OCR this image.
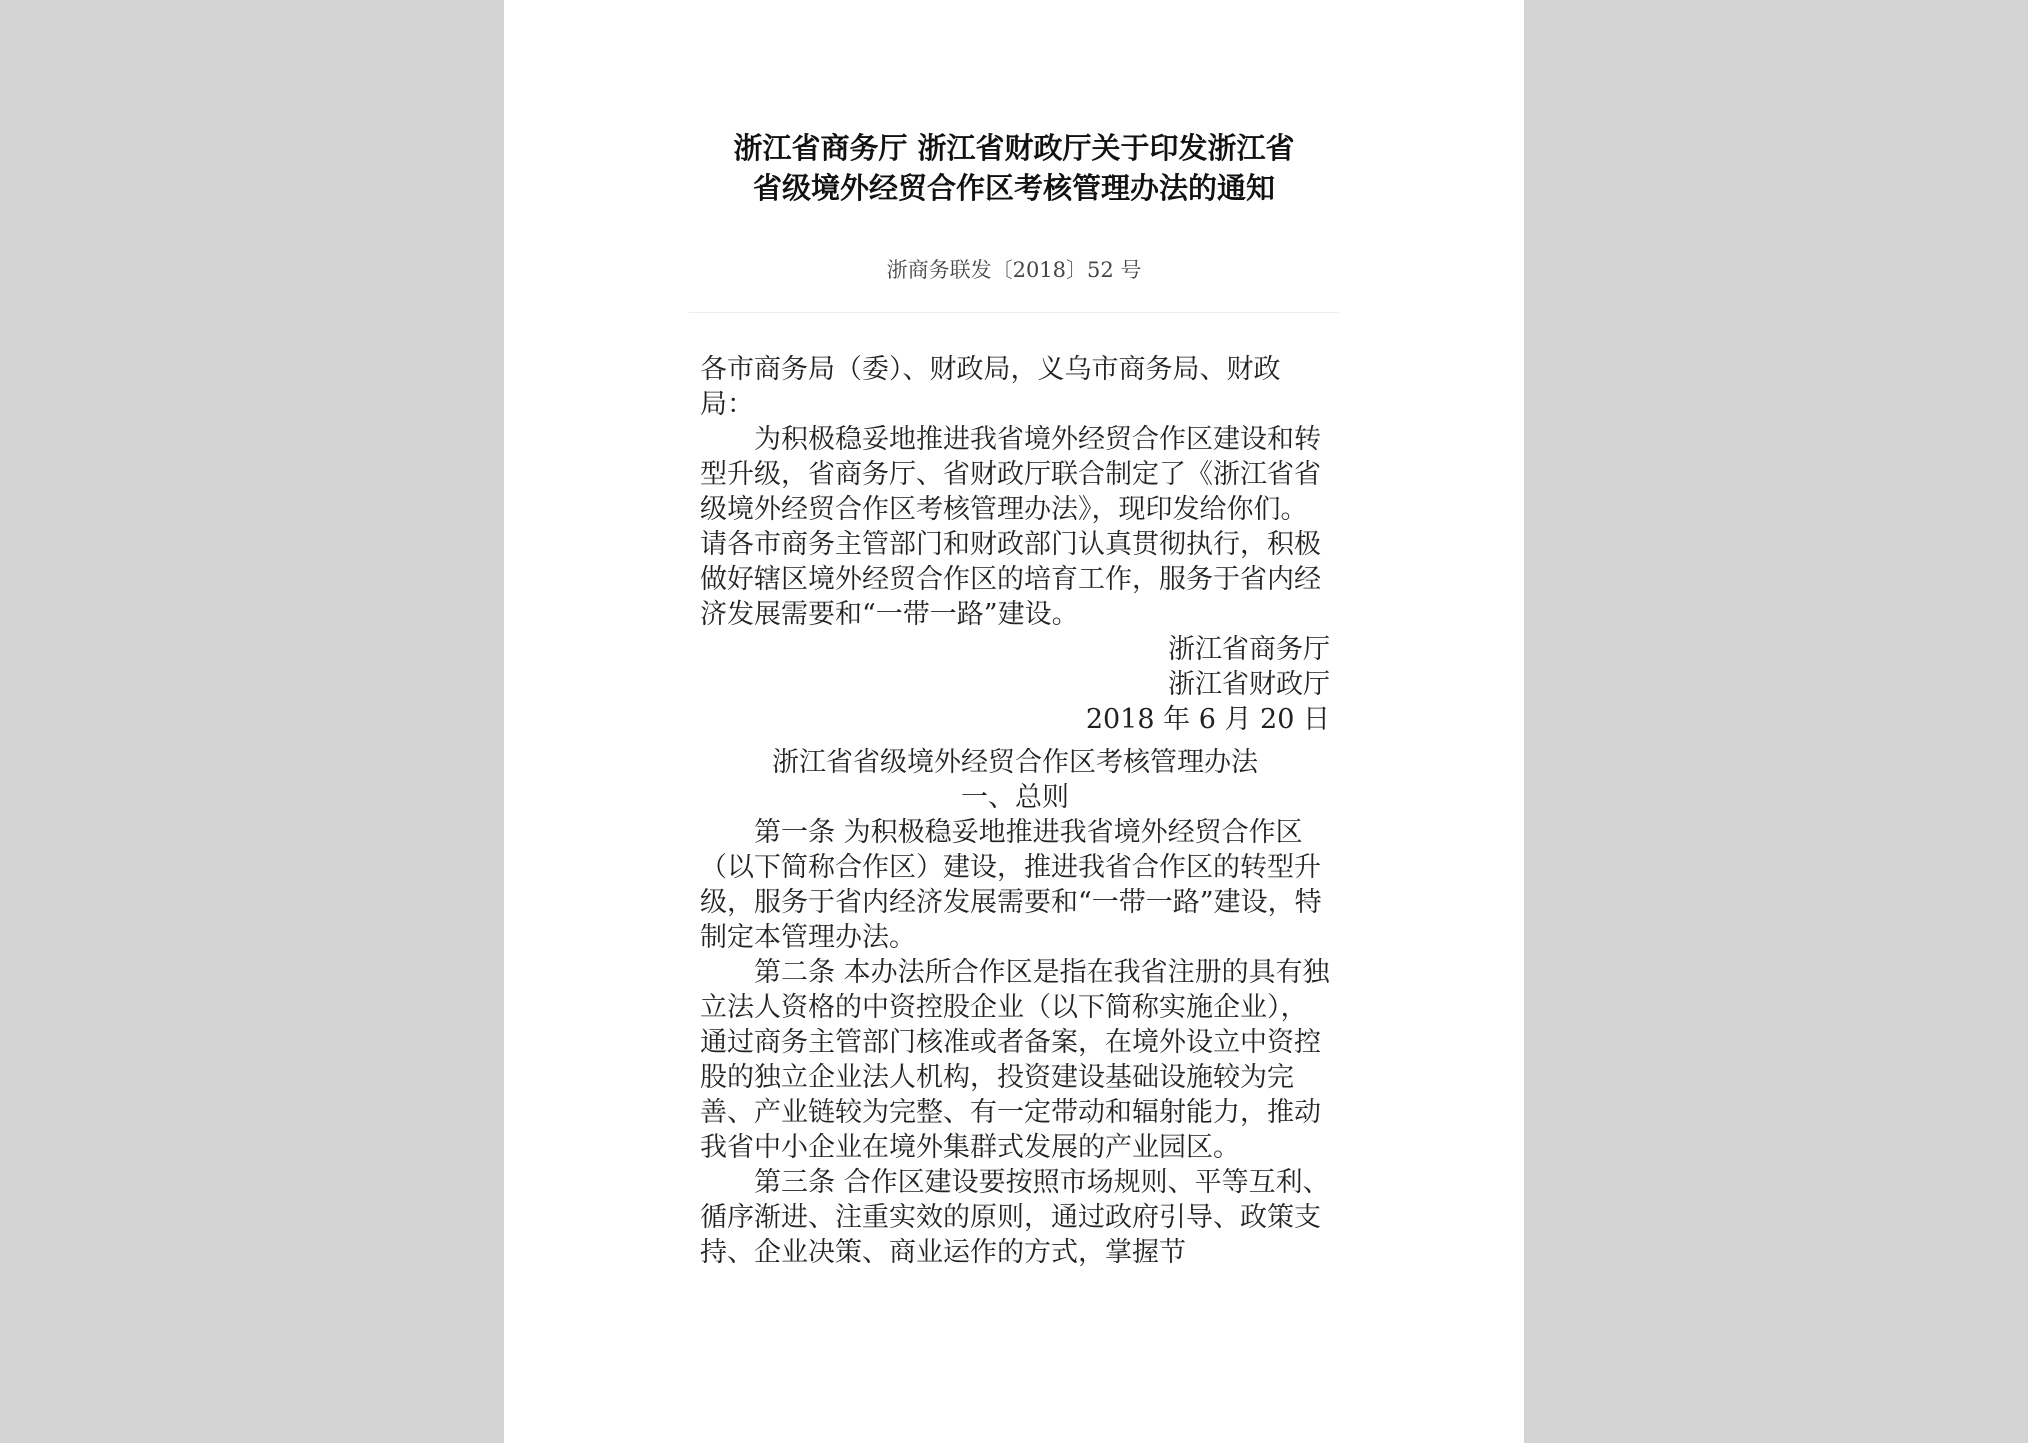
浙江省商务厅 浙江省财政厅关于印发浙江省
省级境外经贸合作区考核管理办法的通知
浙商务联发〔2018〕52 号

各市商务局（委）、财政局，义乌市商务局、财政局：

为积极稳妥地推进我省境外经贸合作区建设和转型升级，省商务厅、省财政厅联合制定了《浙江省省级境外经贸合作区考核管理办法》，现印发给你们。请各市商务主管部门和财政部门认真贯彻执行，积极做好辖区境外经贸合作区的培育工作，服务于省内经济发展需要和“一带一路”建设。

浙江省商务厅

浙江省财政厅

2018 年 6 月 20 日

浙江省省级境外经贸合作区考核管理办法

一、总则

第一条 为积极稳妥地推进我省境外经贸合作区（以下简称合作区）建设，推进我省合作区的转型升级，服务于省内经济发展需要和“一带一路”建设，特制定本管理办法。

第二条 本办法所合作区是指在我省注册的具有独立法人资格的中资控股企业（以下简称实施企业），通过商务主管部门核准或者备案，在境外设立中资控股的独立企业法人机构，投资建设基础设施较为完善、产业链较为完整、有一定带动和辐射能力，推动我省中小企业在境外集群式发展的产业园区。

第三条 合作区建设要按照市场规则、平等互利、循序渐进、注重实效的原则，通过政府引导、政策支持、企业决策、商业运作的方式，掌握节
